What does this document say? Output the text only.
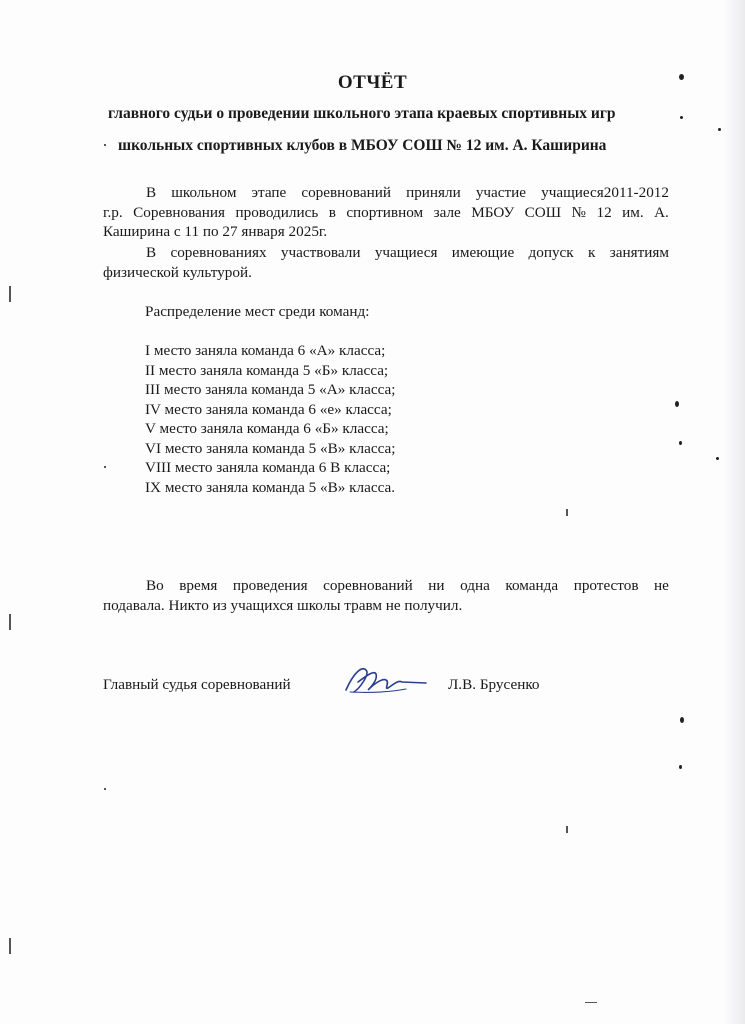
ОТЧЁТ
главного судьи о проведении школьного этапа краевых спортивных игр
школьных спортивных клубов в МБОУ СОШ № 12 им. А. Каширина
В школьном этапе соревнований приняли участие учащиеся2011-2012
г.р. Соревнования проводились в спортивном зале МБОУ СОШ № 12 им. А.
Каширина с 11 по 27 января 2025г.
В соревнованиях участвовали учащиеся имеющие допуск к занятиям
физической культурой.
Распределение мест среди команд:
I место заняла команда 6 «А» класса;
II место заняла команда 5 «Б» класса;
III место заняла команда 5 «А» класса;
IV место заняла команда 6 «е» класса;
V место заняла команда 6 «Б» класса;
VI место заняла команда 5 «В» класса;
VIII место заняла команда 6 В класса;
IX место заняла команда 5 «В» класса.
Во время проведения соревнований ни одна команда протестов не
подавала. Никто из учащихся школы травм не получил.
Главный судья соревнований	Л.В. Брусенко
